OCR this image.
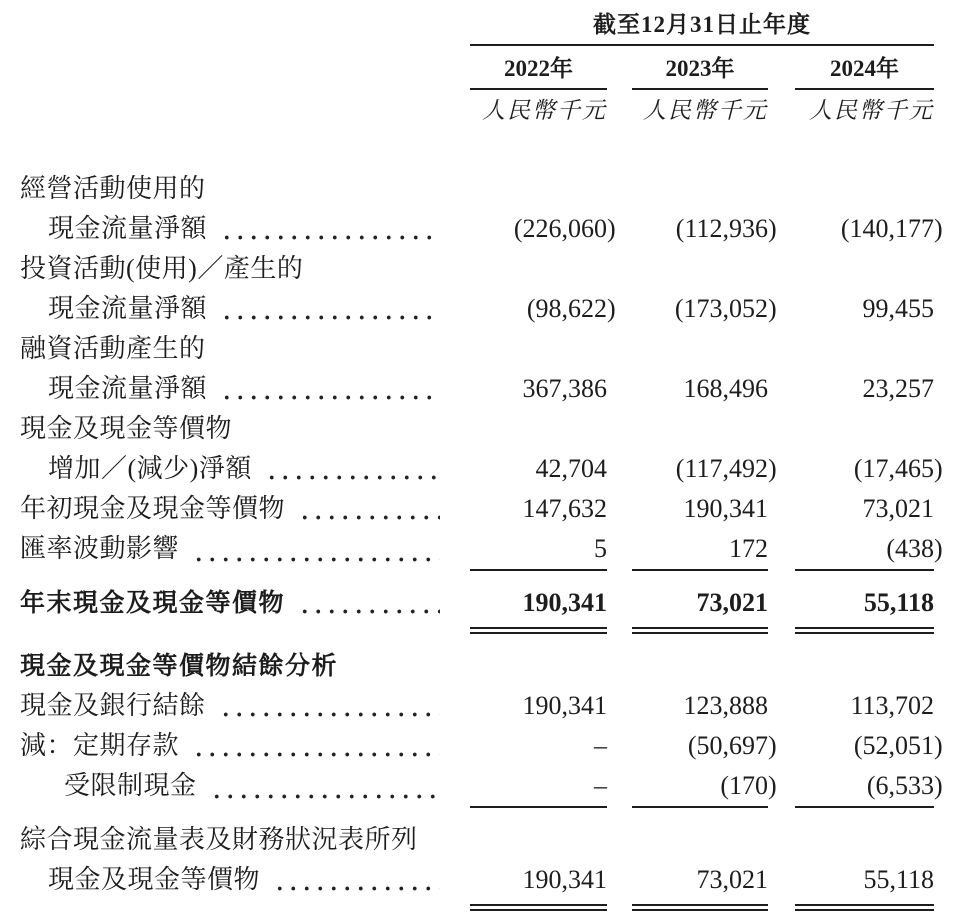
截至12月31日止年度
2022年	2023年	2024年
人民幣千元	人民幣千元	人民幣千元
經營活動使用的
現金流量淨額	(226,060)	(112,936)	(140,177)
投資活動(使用)／產生的
現金流量淨額	(98,622)	(173,052)	99,455
融資活動產生的
現金流量淨額	367,386	168,496	23,257
現金及現金等價物
增加／(減少)淨額	42,704	(117,492)	(17,465)
年初現金及現金等價物	147,632	190,341	73,021
匯率波動影響	5	172	(438)
年末現金及現金等價物	190,341	73,021	55,118
現金及現金等價物結餘分析
現金及銀行結餘	190,341	123,888	113,702
減：定期存款	–	(50,697)	(52,051)
受限制現金	–	(170)	(6,533)
綜合現金流量表及財務狀況表所列
現金及現金等價物	190,341	73,021	55,118
